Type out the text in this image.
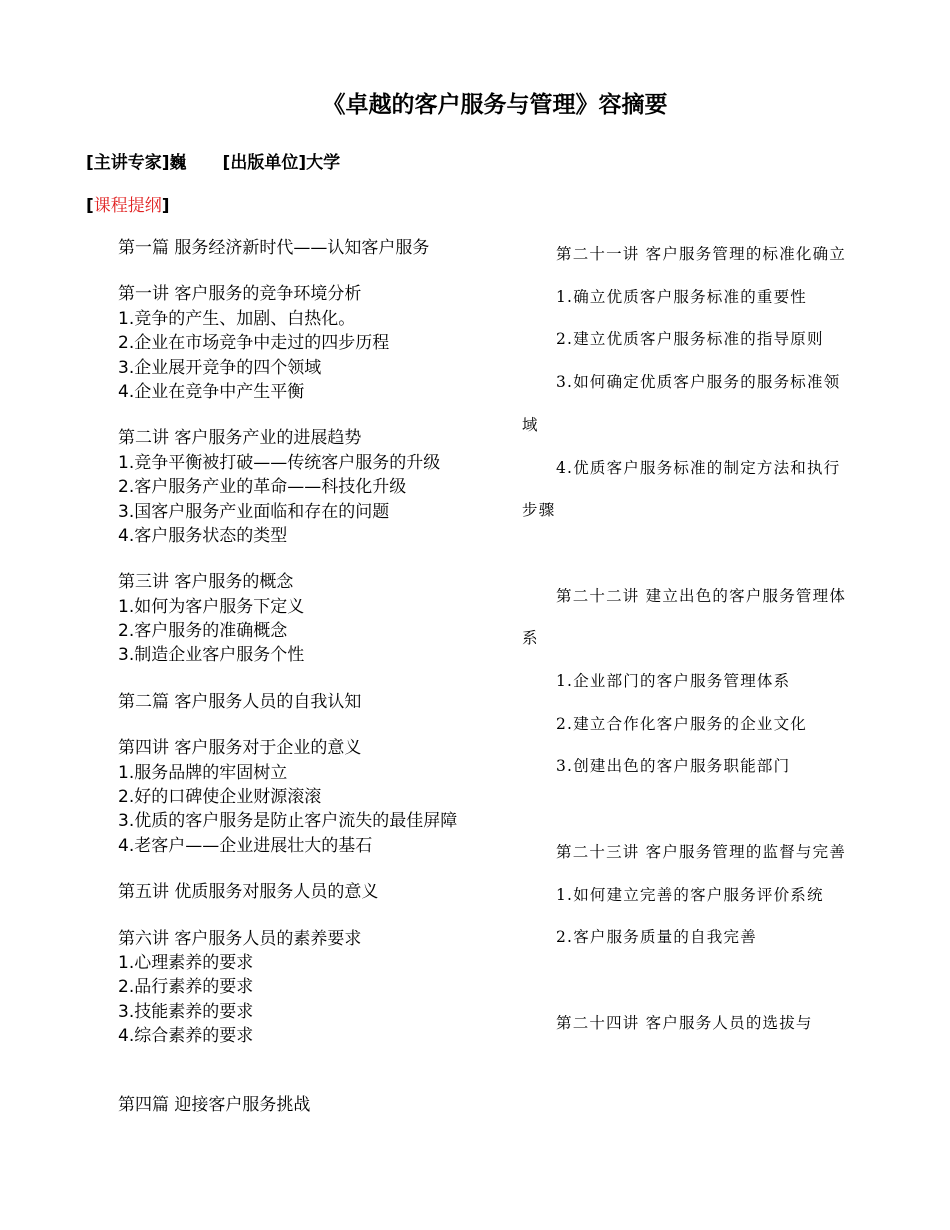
《卓越的客户服务与管理》容摘要
[主讲专家]巍 [出版单位]大学
[课程提纲]
第一篇 服务经济新时代——认知客户服务
第一讲 客户服务的竞争环境分析
1.竞争的产生、加剧、白热化。
2.企业在市场竞争中走过的四步历程
3.企业展开竞争的四个领域
4.企业在竞争中产生平衡
第二讲 客户服务产业的进展趋势
1.竞争平衡被打破——传统客户服务的升级
2.客户服务产业的革命——科技化升级
3.国客户服务产业面临和存在的问题
4.客户服务状态的类型
第三讲 客户服务的概念
1.如何为客户服务下定义
2.客户服务的准确概念
3.制造企业客户服务个性
第二篇 客户服务人员的自我认知
第四讲 客户服务对于企业的意义
1.服务品牌的牢固树立
2.好的口碑使企业财源滚滚
3.优质的客户服务是防止客户流失的最佳屏障
4.老客户——企业进展壮大的基石
第五讲 优质服务对服务人员的意义
第六讲 客户服务人员的素养要求
1.心理素养的要求
2.品行素养的要求
3.技能素养的要求
4.综合素养的要求
第四篇 迎接客户服务挑战

第二十一讲 客户服务管理的标准化确立

1.确立优质客户服务标准的重要性

2.建立优质客户服务标准的指导原则

3.如何确定优质客户服务的服务标准领域

4.优质客户服务标准的制定方法和执行步骤

第二十二讲 建立出色的客户服务管理体系

1.企业部门的客户服务管理体系

2.建立合作化客户服务的企业文化

3.创建出色的客户服务职能部门

第二十三讲 客户服务管理的监督与完善

1.如何建立完善的客户服务评价系统

2.客户服务质量的自我完善

第二十四讲 客户服务人员的选拔与
